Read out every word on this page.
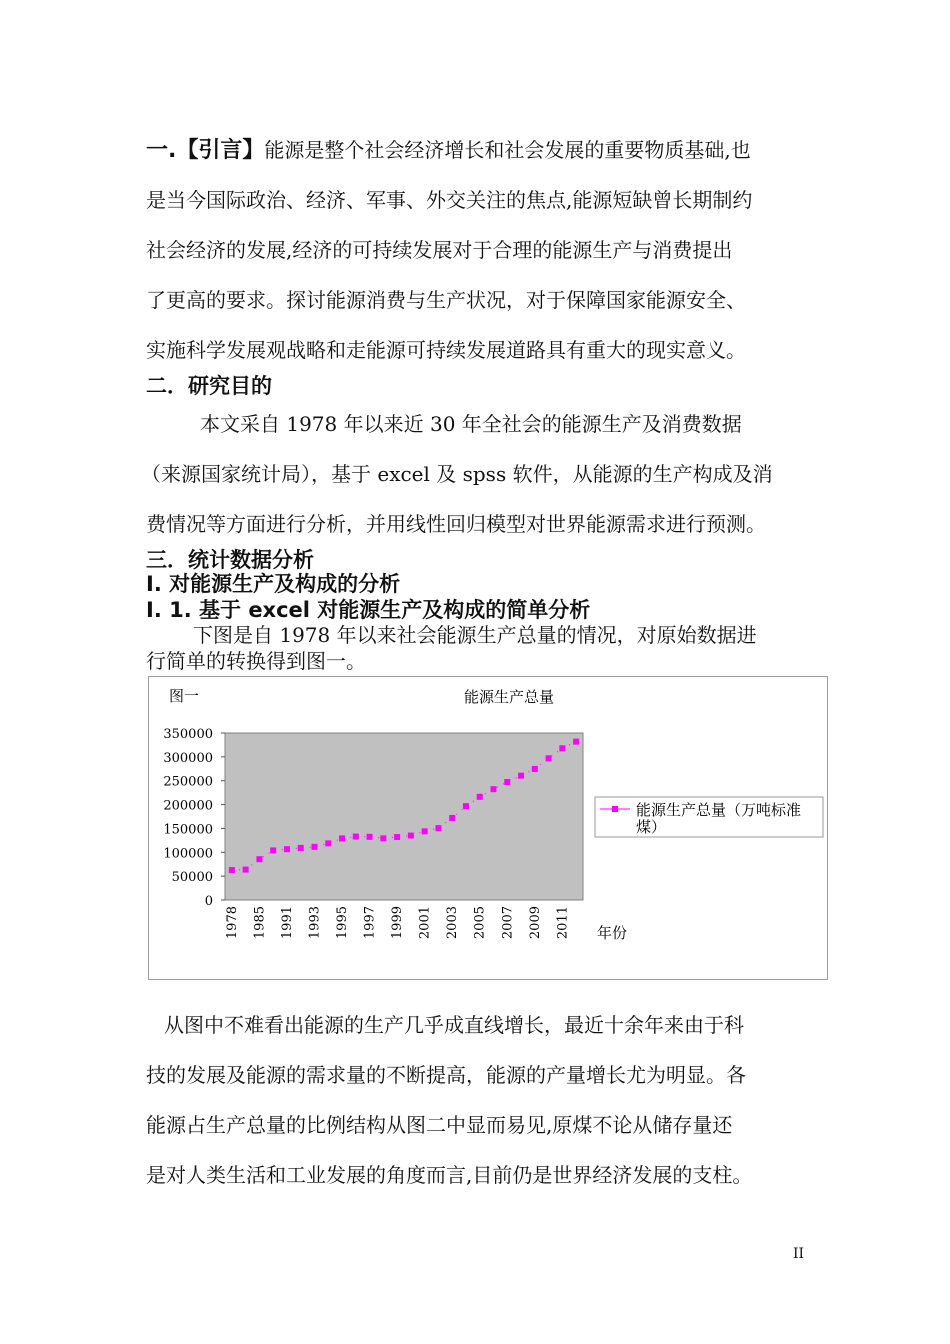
一.【引言】能源是整个社会经济增长和社会发展的重要物质基础,也
是当今国际政治、经济、军事、外交关注的焦点,能源短缺曾长期制约
社会经济的发展,经济的可持续发展对于合理的能源生产与消费提出
了更高的要求。探讨能源消费与生产状况，对于保障国家能源安全、
实施科学发展观战略和走能源可持续发展道路具有重大的现实意义。
二．研究目的
本文采自 1978 年以来近 30 年全社会的能源生产及消费数据
（来源国家统计局），基于 excel 及 spss 软件，从能源的生产构成及消
费情况等方面进行分析，并用线性回归模型对世界能源需求进行预测。
三．统计数据分析
I. 对能源生产及构成的分析
I. 1. 基于 excel 对能源生产及构成的简单分析
下图是自 1978 年以来社会能源生产总量的情况，对原始数据进
行简单的转换得到图一。
图一	能源生产总量
0
50000
100000
150000
200000
250000
300000
350000
1978 1985 1991 1993 1995 1997 1999 2001 2003 2005 2007 2009 2011 年份
能源生产总量（万吨标准
煤）
从图中不难看出能源的生产几乎成直线增长，最近十余年来由于科
技的发展及能源的需求量的不断提高，能源的产量增长尤为明显。各
能源占生产总量的比例结构从图二中显而易见,原煤不论从储存量还
是对人类生活和工业发展的角度而言,目前仍是世界经济发展的支柱。
II
